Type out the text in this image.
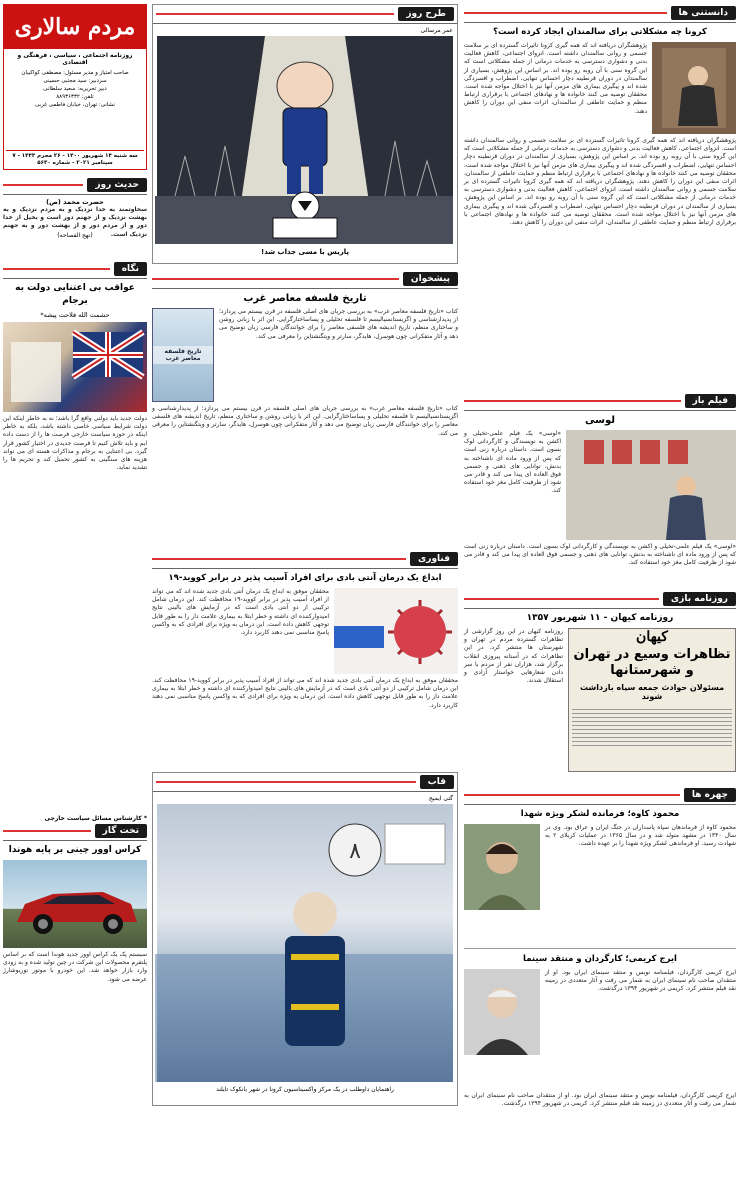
مردم سالاری
روزنامه اجتماعی ، سیاسی ، فرهنگی و اقتصادی
صاحب امتیاز و مدیر مسئول: مصطفی کواکبیان
سردبیر: سید مجتبی حسینی
دبیر تحریریه: سعید سلطانی
تلفن: ۸۸۹۳۶۳۳۲
نشانی: تهران، خیابان فاطمی غربی
سه شنبه ۱۴ شهریور ۱۴۰۰ - ۲۶ محرم ۱۴۴۳ - ۷ سپتامبر ۲۰۲۱ - شماره ۵۶۳۰
حدیث روز
حضرت محمد (ص)
سخاوتمند به خدا نزدیک و به مردم نزدیک و به بهشت نزدیک و از جهنم دور است و بخیل از خدا دور و از مردم دور و از بهشت دور و به جهنم نزدیک است.
(نهج الفصاحه)
نگاه
عواقب بی اعتنایی دولت به برجام
حشمت الله فلاحت پیشه*
دولت جدید باید دولتی واقع گرا باشد؛ نه به خاطر اینکه این دولت شرایط سیاسی خاصی داشته باشد، بلکه به خاطر اینکه در حوزه سیاست خارجی فرصت ها را از دست داده ایم و باید تلاش کنیم تا فرصت جدیدی در اختیار کشور قرار گیرد. بی اعتنایی به برجام و مذاکرات هسته ای می تواند هزینه های سنگینی به کشور تحمیل کند و تحریم ها را تشدید نماید.
* کارشناس مسائل سیاست خارجی
تخت گاز
کراس اوور چینی بر پایه هوندا
سیستم پک یک کراس اوور جدید هوندا است که بر اساس پلتفرم محصولات این شرکت در چین تولید شده و به زودی وارد بازار خواهد شد. این خودرو با موتور توربوشارژ عرضه می شود.
طرح روز
عمر مرسالی
پاریس با مسی جذاب شد!
پیشخوان
تاریخ فلسفه معاصر غرب
تاریخ فلسفه معاصر غرب
کتاب «تاریخ فلسفه معاصر غرب» به بررسی جریان های اصلی فلسفه در قرن بیستم می پردازد؛ از پدیدارشناسی و اگزیستانسیالیسم تا فلسفه تحلیلی و پساساختارگرایی. این اثر با زبانی روشن و ساختاری منظم، تاریخ اندیشه های فلسفی معاصر را برای خوانندگان فارسی زبان توضیح می دهد و آثار متفکرانی چون هوسرل، هایدگر، سارتر و ویتگنشتاین را معرفی می کند.
کتاب «تاریخ فلسفه معاصر غرب» به بررسی جریان های اصلی فلسفه در قرن بیستم می پردازد؛ از پدیدارشناسی و اگزیستانسیالیسم تا فلسفه تحلیلی و پساساختارگرایی. این اثر با زبانی روشن و ساختاری منظم، تاریخ اندیشه های فلسفی معاصر را برای خوانندگان فارسی زبان توضیح می دهد و آثار متفکرانی چون هوسرل، هایدگر، سارتر و ویتگنشتاین را معرفی می کند.
فناوری
ابداع یک درمان آنتی بادی برای افراد آسیب پذیر در برابر کووید-۱۹
محققان موفق به ابداع یک درمان آنتی بادی جدید شده اند که می تواند از افراد آسیب پذیر در برابر کووید-۱۹ محافظت کند. این درمان شامل ترکیبی از دو آنتی بادی است که در آزمایش های بالینی نتایج امیدوارکننده ای داشته و خطر ابتلا به بیماری علامت دار را به طور قابل توجهی کاهش داده است. این درمان به ویژه برای افرادی که به واکسن پاسخ مناسبی نمی دهند کاربرد دارد.
محققان موفق به ابداع یک درمان آنتی بادی جدید شده اند که می تواند از افراد آسیب پذیر در برابر کووید-۱۹ محافظت کند. این درمان شامل ترکیبی از دو آنتی بادی است که در آزمایش های بالینی نتایج امیدوارکننده ای داشته و خطر ابتلا به بیماری علامت دار را به طور قابل توجهی کاهش داده است. این درمان به ویژه برای افرادی که به واکسن پاسخ مناسبی نمی دهند کاربرد دارد.
قاب
گتی ایمیج
۸
راهنمایان داوطلب در یک مرکز واکسیناسیون کرونا در شهر بانکوک تایلند
دانستنی ها
کرونا چه مشکلاتی برای سالمندان ایجاد کرده است؟
پژوهشگران دریافته اند که همه گیری کرونا تاثیرات گسترده ای بر سلامت جسمی و روانی سالمندان داشته است. انزوای اجتماعی، کاهش فعالیت بدنی و دشواری دسترسی به خدمات درمانی از جمله مشکلاتی است که این گروه سنی با آن روبه رو بوده اند. بر اساس این پژوهش، بسیاری از سالمندان در دوران قرنطینه دچار احساس تنهایی، اضطراب و افسردگی شده اند و پیگیری بیماری های مزمن آنها نیز با اختلال مواجه شده است. محققان توصیه می کنند خانواده ها و نهادهای اجتماعی با برقراری ارتباط منظم و حمایت عاطفی از سالمندان، اثرات منفی این دوران را کاهش دهند.
پژوهشگران دریافته اند که همه گیری کرونا تاثیرات گسترده ای بر سلامت جسمی و روانی سالمندان داشته است. انزوای اجتماعی، کاهش فعالیت بدنی و دشواری دسترسی به خدمات درمانی از جمله مشکلاتی است که این گروه سنی با آن روبه رو بوده اند. بر اساس این پژوهش، بسیاری از سالمندان در دوران قرنطینه دچار احساس تنهایی، اضطراب و افسردگی شده اند و پیگیری بیماری های مزمن آنها نیز با اختلال مواجه شده است. محققان توصیه می کنند خانواده ها و نهادهای اجتماعی با برقراری ارتباط منظم و حمایت عاطفی از سالمندان، اثرات منفی این دوران را کاهش دهند. پژوهشگران دریافته اند که همه گیری کرونا تاثیرات گسترده ای بر سلامت جسمی و روانی سالمندان داشته است. انزوای اجتماعی، کاهش فعالیت بدنی و دشواری دسترسی به خدمات درمانی از جمله مشکلاتی است که این گروه سنی با آن روبه رو بوده اند. بر اساس این پژوهش، بسیاری از سالمندان در دوران قرنطینه دچار احساس تنهایی، اضطراب و افسردگی شده اند و پیگیری بیماری های مزمن آنها نیز با اختلال مواجه شده است. محققان توصیه می کنند خانواده ها و نهادهای اجتماعی با برقراری ارتباط منظم و حمایت عاطفی از سالمندان، اثرات منفی این دوران را کاهش دهند.
فیلم باز
لوسی
«لوسی» یک فیلم علمی-تخیلی و اکشن به نویسندگی و کارگردانی لوک بسون است. داستان درباره زنی است که پس از ورود ماده ای ناشناخته به بدنش، توانایی های ذهنی و جسمی فوق العاده ای پیدا می کند و قادر می شود از ظرفیت کامل مغز خود استفاده کند.
«لوسی» یک فیلم علمی-تخیلی و اکشن به نویسندگی و کارگردانی لوک بسون است. داستان درباره زنی است که پس از ورود ماده ای ناشناخته به بدنش، توانایی های ذهنی و جسمی فوق العاده ای پیدا می کند و قادر می شود از ظرفیت کامل مغز خود استفاده کند.
روزنامه بازی
روزنامه کیهان - ۱۱ شهریور ۱۳۵۷
کیهان
تظاهرات وسیع در تهران و شهرستانها
مسئولان حوادث جمعه سیاه بازداشت شوند
روزنامه کیهان در این روز گزارشی از تظاهرات گسترده مردم در تهران و شهرستان ها منتشر کرد. در این تظاهرات که در آستانه پیروزی انقلاب برگزار شد، هزاران نفر از مردم با سر دادن شعارهایی خواستار آزادی و استقلال شدند.
چهره ها
محمود کاوه؛ فرمانده لشکر ویژه شهدا
محمود کاوه از فرماندهان سپاه پاسداران در جنگ ایران و عراق بود. وی در سال ۱۳۴۰ در مشهد متولد شد و در سال ۱۳۶۵ در عملیات کربلای ۲ به شهادت رسید. او فرماندهی لشکر ویژه شهدا را بر عهده داشت.
ایرج کریمی؛ کارگردان و منتقد سینما
ایرج کریمی کارگردان، فیلمنامه نویس و منتقد سینمای ایران بود. او از منتقدان صاحب نام سینمای ایران به شمار می رفت و آثار متعددی در زمینه نقد فیلم منتشر کرد. کریمی در شهریور ۱۳۹۴ درگذشت.
ایرج کریمی کارگردان، فیلمنامه نویس و منتقد سینمای ایران بود. او از منتقدان صاحب نام سینمای ایران به شمار می رفت و آثار متعددی در زمینه نقد فیلم منتشر کرد. کریمی در شهریور ۱۳۹۴ درگذشت.
